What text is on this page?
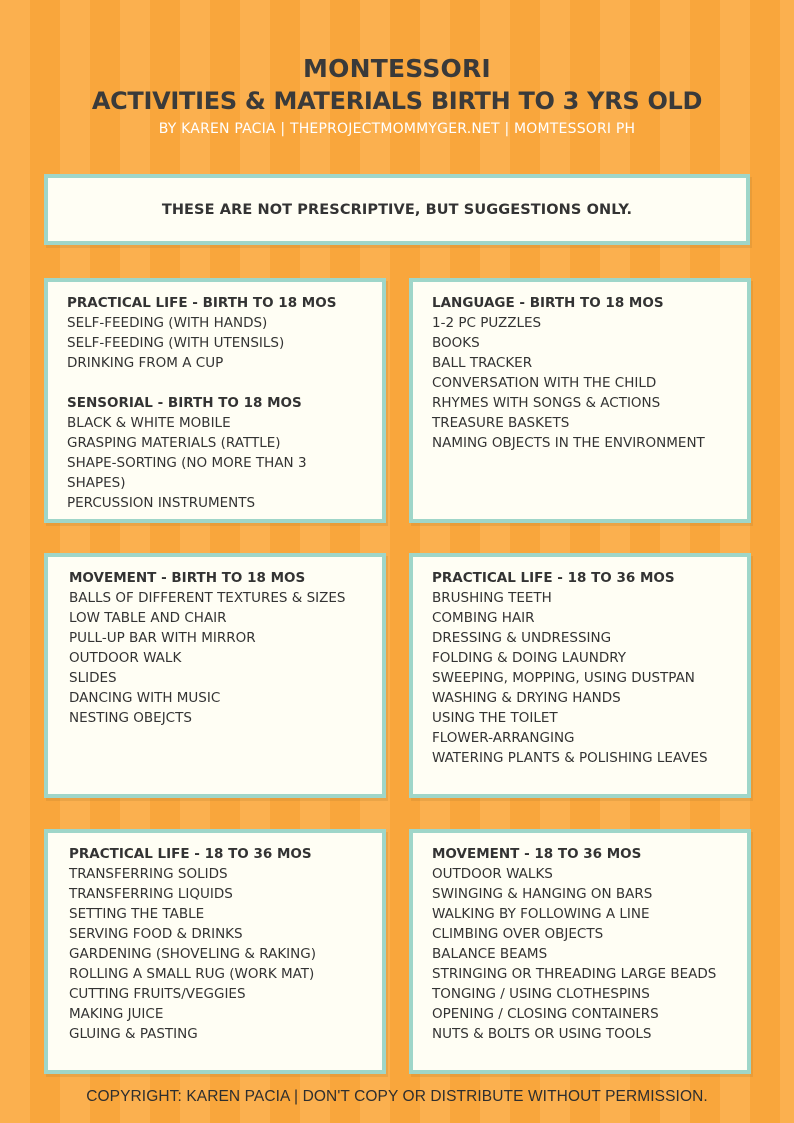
MONTESSORI
ACTIVITIES & MATERIALS BIRTH TO 3 YRS OLD
BY KAREN PACIA | THEPROJECTMOMMYGER.NET | MOMTESSORI PH
THESE ARE NOT PRESCRIPTIVE, BUT SUGGESTIONS ONLY.
PRACTICAL LIFE - BIRTH TO 18 MOS
SELF-FEEDING (WITH HANDS)
SELF-FEEDING (WITH UTENSILS)
DRINKING FROM A CUP
SENSORIAL - BIRTH TO 18 MOS
BLACK & WHITE MOBILE
GRASPING MATERIALS (RATTLE)
SHAPE-SORTING (NO MORE THAN 3 SHAPES)
PERCUSSION INSTRUMENTS
LANGUAGE - BIRTH TO 18 MOS
1-2 PC PUZZLES
BOOKS
BALL TRACKER
CONVERSATION WITH THE CHILD
RHYMES WITH SONGS & ACTIONS
TREASURE BASKETS
NAMING OBJECTS IN THE ENVIRONMENT
MOVEMENT - BIRTH TO 18 MOS
BALLS OF DIFFERENT TEXTURES & SIZES
LOW TABLE AND CHAIR
PULL-UP BAR WITH MIRROR
OUTDOOR WALK
SLIDES
DANCING WITH MUSIC
NESTING OBEJCTS
PRACTICAL LIFE - 18 TO 36 MOS
BRUSHING TEETH
COMBING HAIR
DRESSING & UNDRESSING
FOLDING & DOING LAUNDRY
SWEEPING, MOPPING, USING DUSTPAN
WASHING & DRYING HANDS
USING THE TOILET
FLOWER-ARRANGING
WATERING PLANTS & POLISHING LEAVES
PRACTICAL LIFE - 18 TO 36 MOS
TRANSFERRING SOLIDS
TRANSFERRING LIQUIDS
SETTING THE TABLE
SERVING FOOD & DRINKS
GARDENING (SHOVELING & RAKING)
ROLLING A SMALL RUG (WORK MAT)
CUTTING FRUITS/VEGGIES
MAKING JUICE
GLUING & PASTING
MOVEMENT - 18 TO 36 MOS
OUTDOOR WALKS
SWINGING & HANGING ON BARS
WALKING BY FOLLOWING A LINE
CLIMBING OVER OBJECTS
BALANCE BEAMS
STRINGING OR THREADING LARGE BEADS
TONGING / USING CLOTHESPINS
OPENING / CLOSING CONTAINERS
NUTS & BOLTS OR USING TOOLS
COPYRIGHT: KAREN PACIA | DON'T COPY OR DISTRIBUTE WITHOUT PERMISSION.
